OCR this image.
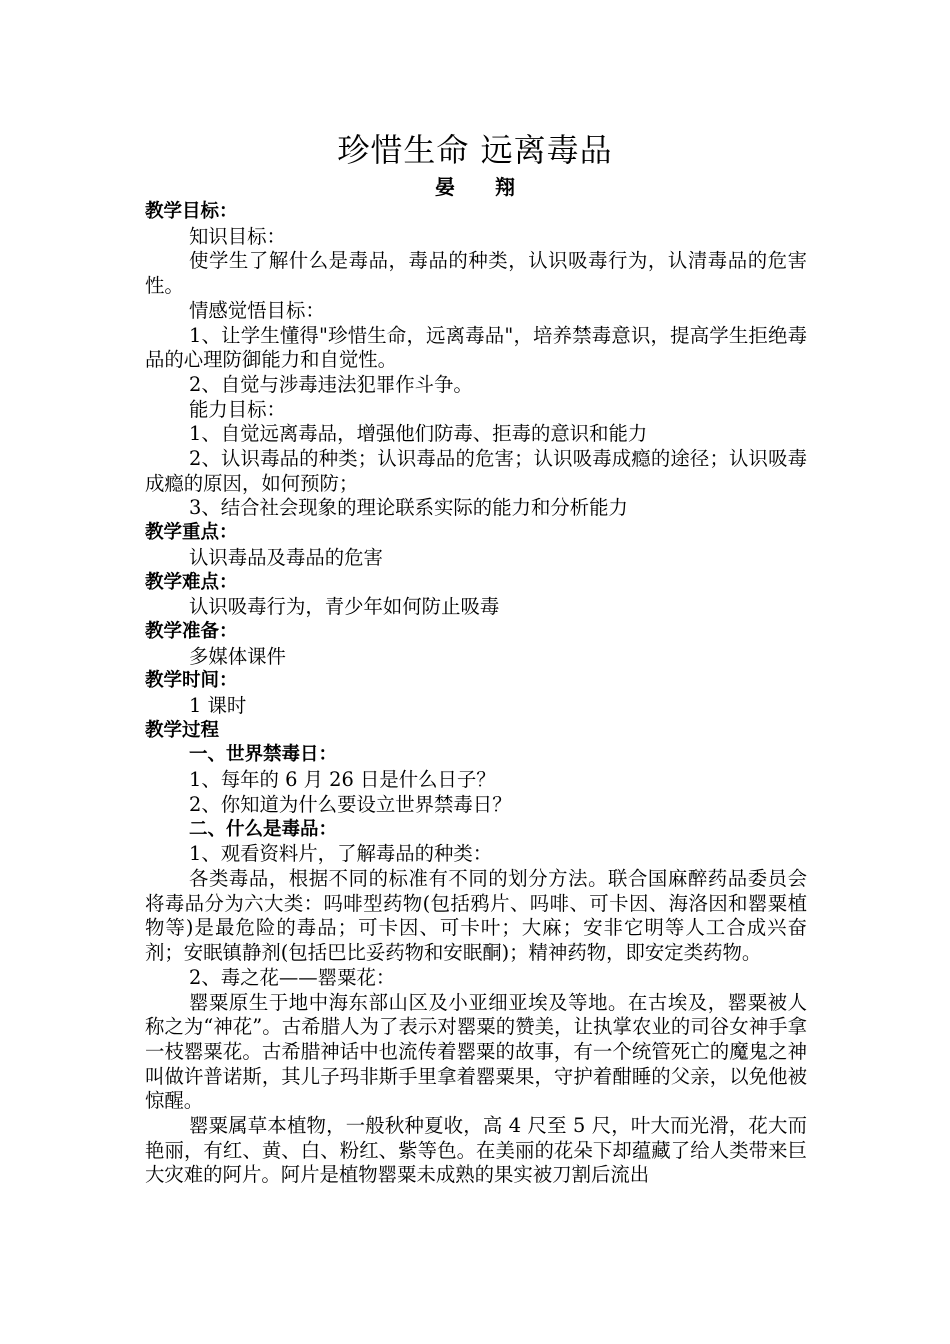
珍惜生命 远离毒品
晏翔

教学目标：

知识目标：

使学生了解什么是毒品，毒品的种类，认识吸毒行为，认清毒品的危害性。

情感觉悟目标：

1、让学生懂得"珍惜生命，远离毒品"，培养禁毒意识，提高学生拒绝毒品的心理防御能力和自觉性。

2、自觉与涉毒违法犯罪作斗争。

能力目标：

1、自觉远离毒品，增强他们防毒、拒毒的意识和能力

2、认识毒品的种类；认识毒品的危害；认识吸毒成瘾的途径；认识吸毒成瘾的原因，如何预防；

3、结合社会现象的理论联系实际的能力和分析能力

教学重点：

认识毒品及毒品的危害

教学难点：

认识吸毒行为，青少年如何防止吸毒

教学准备：

多媒体课件

教学时间：

1 课时

教学过程

一、世界禁毒日：

1、每年的 6 月 26 日是什么日子？

2、你知道为什么要设立世界禁毒日？

二、什么是毒品：

1、观看资料片，了解毒品的种类：

各类毒品，根据不同的标准有不同的划分方法。联合国麻醉药品委员会将毒品分为六大类：吗啡型药物(包括鸦片、吗啡、可卡因、海洛因和罂粟植物等)是最危险的毒品；可卡因、可卡叶；大麻；安非它明等人工合成兴奋剂；安眠镇静剂(包括巴比妥药物和安眠酮)；精神药物，即安定类药物。

2、毒之花——罂粟花：

罂粟原生于地中海东部山区及小亚细亚埃及等地。在古埃及，罂粟被人称之为“神花”。古希腊人为了表示对罂粟的赞美，让执掌农业的司谷女神手拿一枝罂粟花。古希腊神话中也流传着罂粟的故事，有一个统管死亡的魔鬼之神叫做许普诺斯，其儿子玛非斯手里拿着罂粟果，守护着酣睡的父亲，以免他被惊醒。

罂粟属草本植物，一般秋种夏收，高 4 尺至 5 尺，叶大而光滑，花大而艳丽，有红、黄、白、粉红、紫等色。在美丽的花朵下却蕴藏了给人类带来巨大灾难的阿片。阿片是植物罂粟未成熟的果实被刀割后流出
